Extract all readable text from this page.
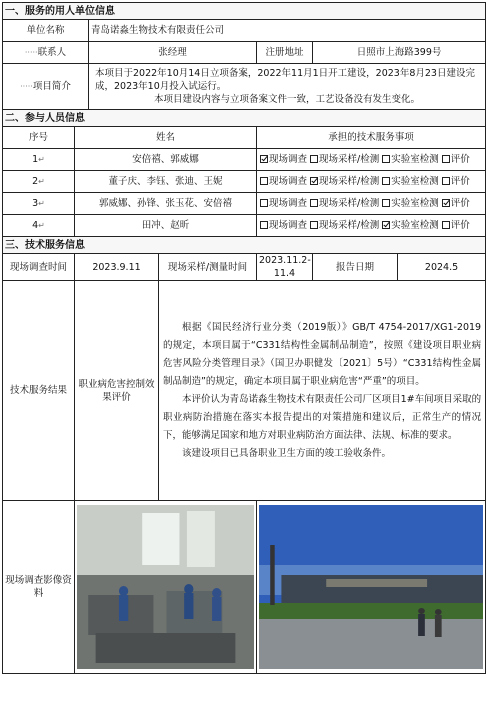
一、服务的用人单位信息						
单位名称		青岛诺淼生物技术有限责任公司				
·····联系人		张经理		注册地址	日照市上海路399号	
·····项目简介		本项目于2022年10月14日立项备案，2022年11月1日开工建设，2023年8月23日建设完成，2023年10月投入试运行。
本项目建设内容与立项备案文件一致，工艺设备没有发生变化。				

二、参与人员信息						
序号	姓名			承担的技术服务事项		
1↵	安倍禧、郭威娜			现场调查 现场采样/检测 实验室检测 评价		
2↵	董子庆、李钰、张迪、王妮			现场调查 现场采样/检测 实验室检测 评价		
3↵	郭威娜、孙锋、张玉花、安倍禧			现场调查 现场采样/检测 实验室检测 评价		
4↵	田冲、赵昕			现场调查 现场采样/检测 实验室检测 评价		
三、技术服务信息						
现场调查时间	2023.9.11		现场采样/测量时间	2023.11.2-11.4	报告日期	2024.5
技术服务结果	职业病危害控制效果评价		根据《国民经济行业分类（2019版）》GB/T 4754-2017/XG1-2019的规定，本项目属于“C331结构性金属制品制造”，按照《建设项目职业病危害风险分类管理目录》（国卫办职健发〔2021〕5号）“C331结构性金属制品制造”的规定，确定本项目属于职业病危害“严重”的项目。

本评价认为青岛诺淼生物技术有限责任公司厂区项目1#车间项目采取的职业病防治措施在落实本报告提出的对策措施和建议后，正常生产的情况下，能够满足国家和地方对职业病防治方面法律、法规、标准的要求。

该建设项目已具备职业卫生方面的竣工验收条件。			

现场调查影像资料	
